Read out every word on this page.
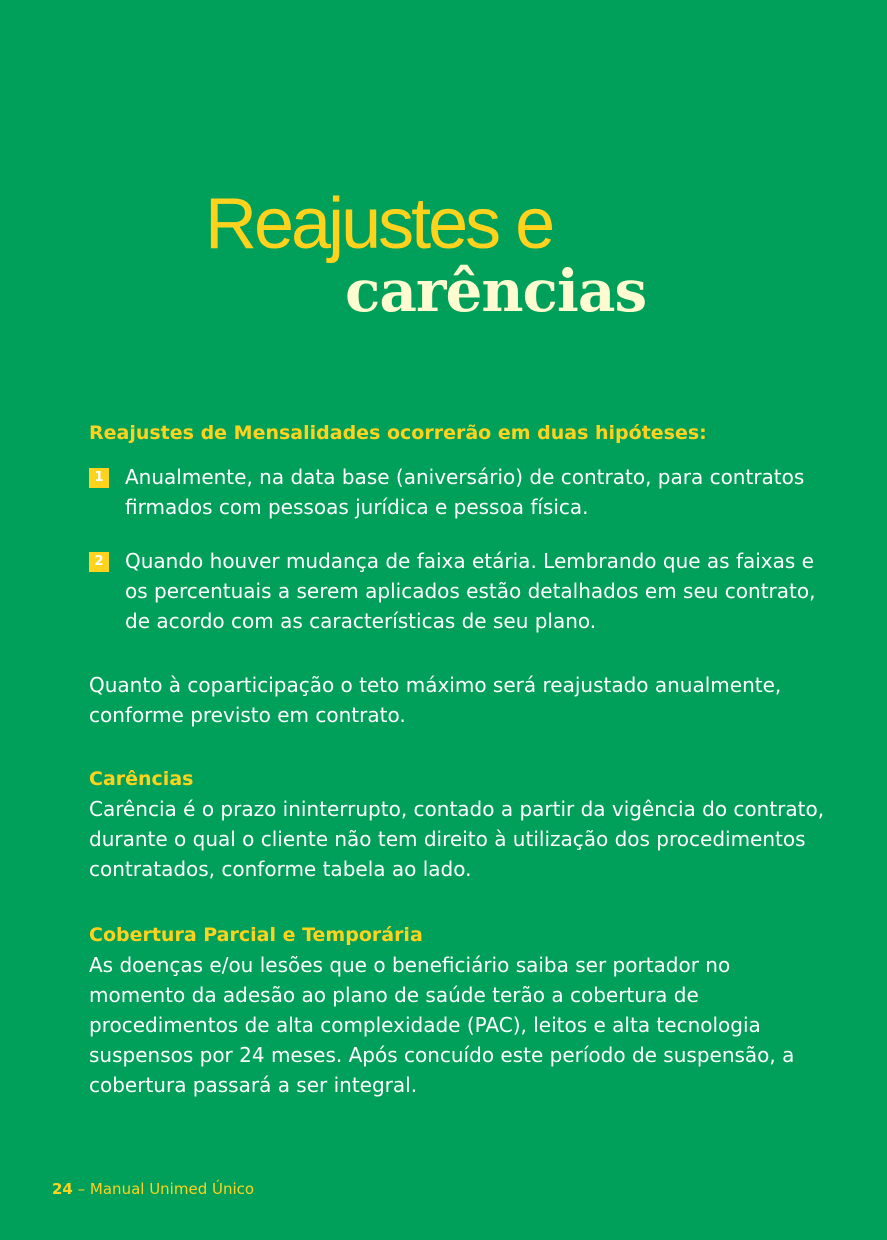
Reajustes e
carências

Reajustes de Mensalidades ocorrerão em duas hipóteses:

1 Anualmente, na data base (aniversário) de contrato, para contratos firmados com pessoas jurídica e pessoa física.

2 Quando houver mudança de faixa etária. Lembrando que as faixas e os percentuais a serem aplicados estão detalhados em seu contrato, de acordo com as características de seu plano.

Quanto à coparticipação o teto máximo será reajustado anualmente, conforme previsto em contrato.

Carências

Carência é o prazo ininterrupto, contado a partir da vigência do contrato, durante o qual o cliente não tem direito à utilização dos procedimentos contratados, conforme tabela ao lado.

Cobertura Parcial e Temporária

As doenças e/ou lesões que o beneficiário saiba ser portador no momento da adesão ao plano de saúde terão a cobertura de procedimentos de alta complexidade (PAC), leitos e alta tecnologia suspensos por 24 meses. Após concuído este período de suspensão, a cobertura passará a ser integral.

24 – Manual Unimed Único
